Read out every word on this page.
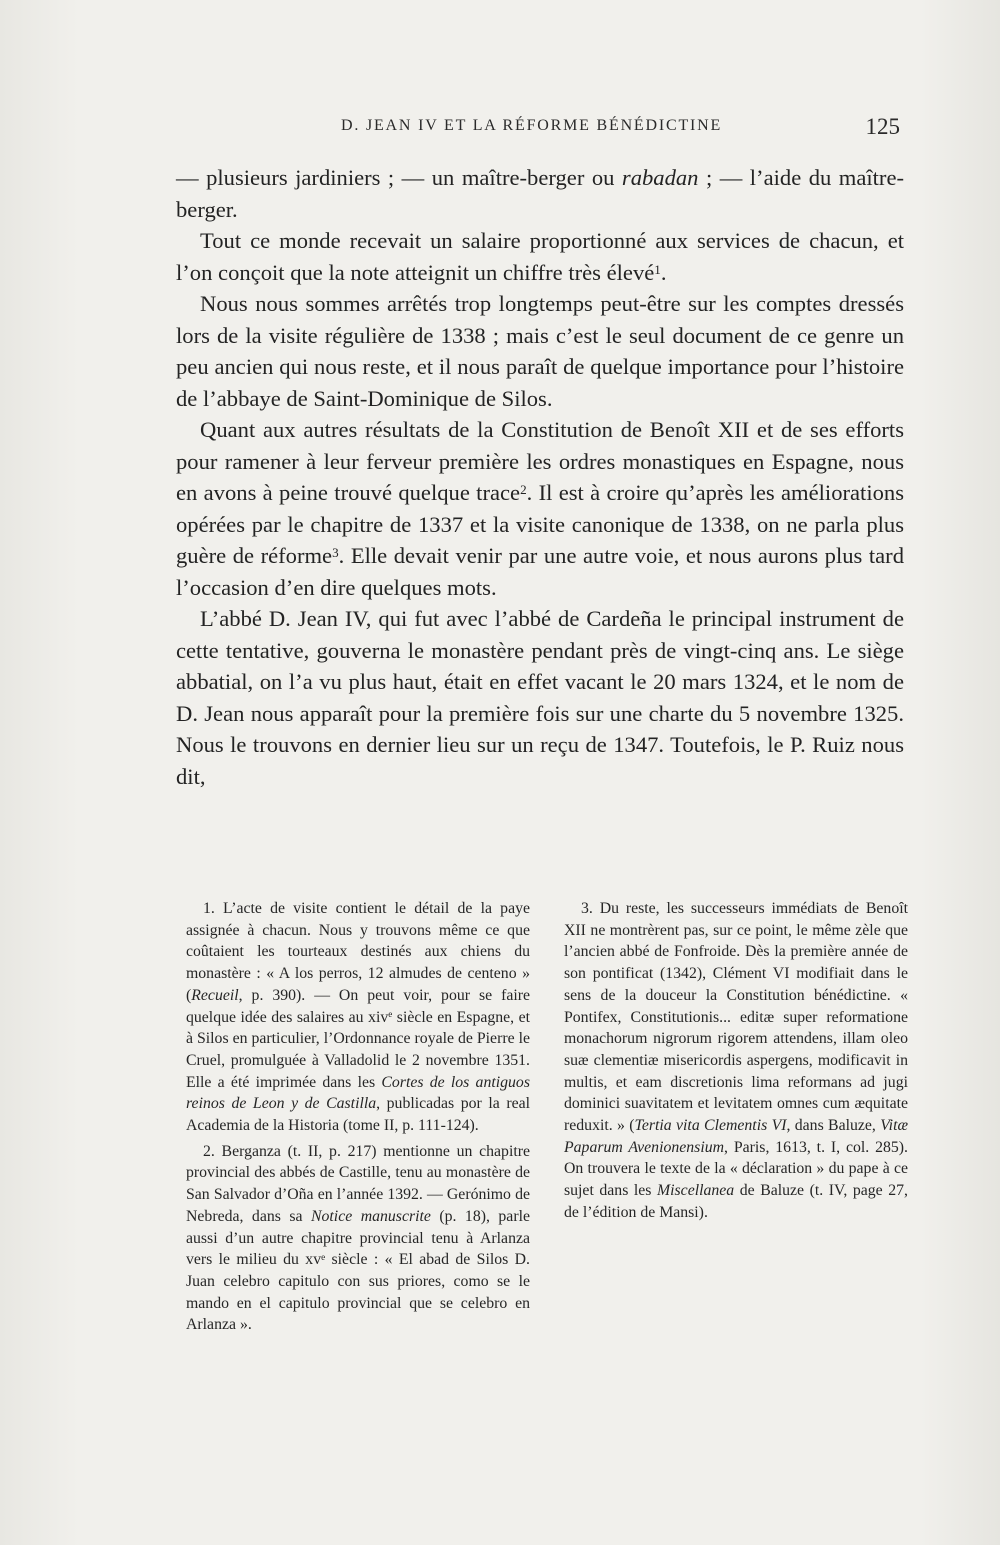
D. JEAN IV ET LA RÉFORME BÉNÉDICTINE	125

— plusieurs jardiniers ; — un maître-berger ou rabadan ; — l’aide du maître-berger.

Tout ce monde recevait un salaire proportionné aux services de chacun, et l’on conçoit que la note atteignit un chiffre très élevé$^1$.

Nous nous sommes arrêtés trop longtemps peut-être sur les comptes dressés lors de la visite régulière de 1338 ; mais c’est le seul document de ce genre un peu ancien qui nous reste, et il nous paraît de quelque importance pour l’histoire de l’abbaye de Saint-Dominique de Silos.

Quant aux autres résultats de la Constitution de Benoît XII et de ses efforts pour ramener à leur ferveur première les ordres monastiques en Espagne, nous en avons à peine trouvé quelque trace$^2$. Il est à croire qu’après les améliorations opérées par le chapitre de 1337 et la visite canonique de 1338, on ne parla plus guère de réforme$^3$. Elle devait venir par une autre voie, et nous aurons plus tard l’occasion d’en dire quelques mots.

L’abbé D. Jean IV, qui fut avec l’abbé de Cardeña le principal instrument de cette tentative, gouverna le monastère pendant près de vingt-cinq ans. Le siège abbatial, on l’a vu plus haut, était en effet vacant le 20 mars 1324, et le nom de D. Jean nous apparaît pour la première fois sur une charte du 5 novembre 1325. Nous le trouvons en dernier lieu sur un reçu de 1347. Toutefois, le P. Ruiz nous dit,

1. L’acte de visite contient le détail de la paye assignée à chacun. Nous y trouvons même ce que coûtaient les tourteaux destinés aux chiens du monastère : « A los perros, 12 almudes de centeno » (Recueil, p. 390). — On peut voir, pour se faire quelque idée des salaires au xiv$^e$ siècle en Espagne, et à Silos en particulier, l’Ordonnance royale de Pierre le Cruel, promulguée à Valladolid le 2 novembre 1351. Elle a été imprimée dans les Cortes de los antiguos reinos de Leon y de Castilla, publicadas por la real Academia de la Historia (tome II, p. 111-124).

2. Berganza (t. II, p. 217) mentionne un chapitre provincial des abbés de Castille, tenu au monastère de San Salvador d’Oña en l’année 1392. — Gerónimo de Nebreda, dans sa Notice manuscrite (p. 18), parle aussi d’un autre chapitre provincial tenu à Arlanza vers le milieu du $xv^e$ siècle : « El abad de Silos D. Juan celebro capitulo con sus priores, como se le mando en el capitulo provincial que se celebro en Arlanza ».

3. Du reste, les successeurs immédiats de Benoît XII ne montrèrent pas, sur ce point, le même zèle que l’ancien abbé de Fonfroide. Dès la première année de son pontificat (1342), Clément VI modifiait dans le sens de la douceur la Constitution bénédictine. « Pontifex, Constitutionis... editæ super reformatione monachorum nigrorum rigorem attendens, illam oleo suæ clementiæ misericordis aspergens, modificavit in multis, et eam discretionis lima reformans ad jugi dominici suavitatem et levitatem omnes cum æquitate reduxit. » (Tertia vita Clementis VI, dans Baluze, Vitæ Paparum Avenionensium, Paris, 1613, t. I, col. 285). On trouvera le texte de la « déclaration » du pape à ce sujet dans les Miscellanea de Baluze (t. IV, page 27, de l’édition de Mansi).
